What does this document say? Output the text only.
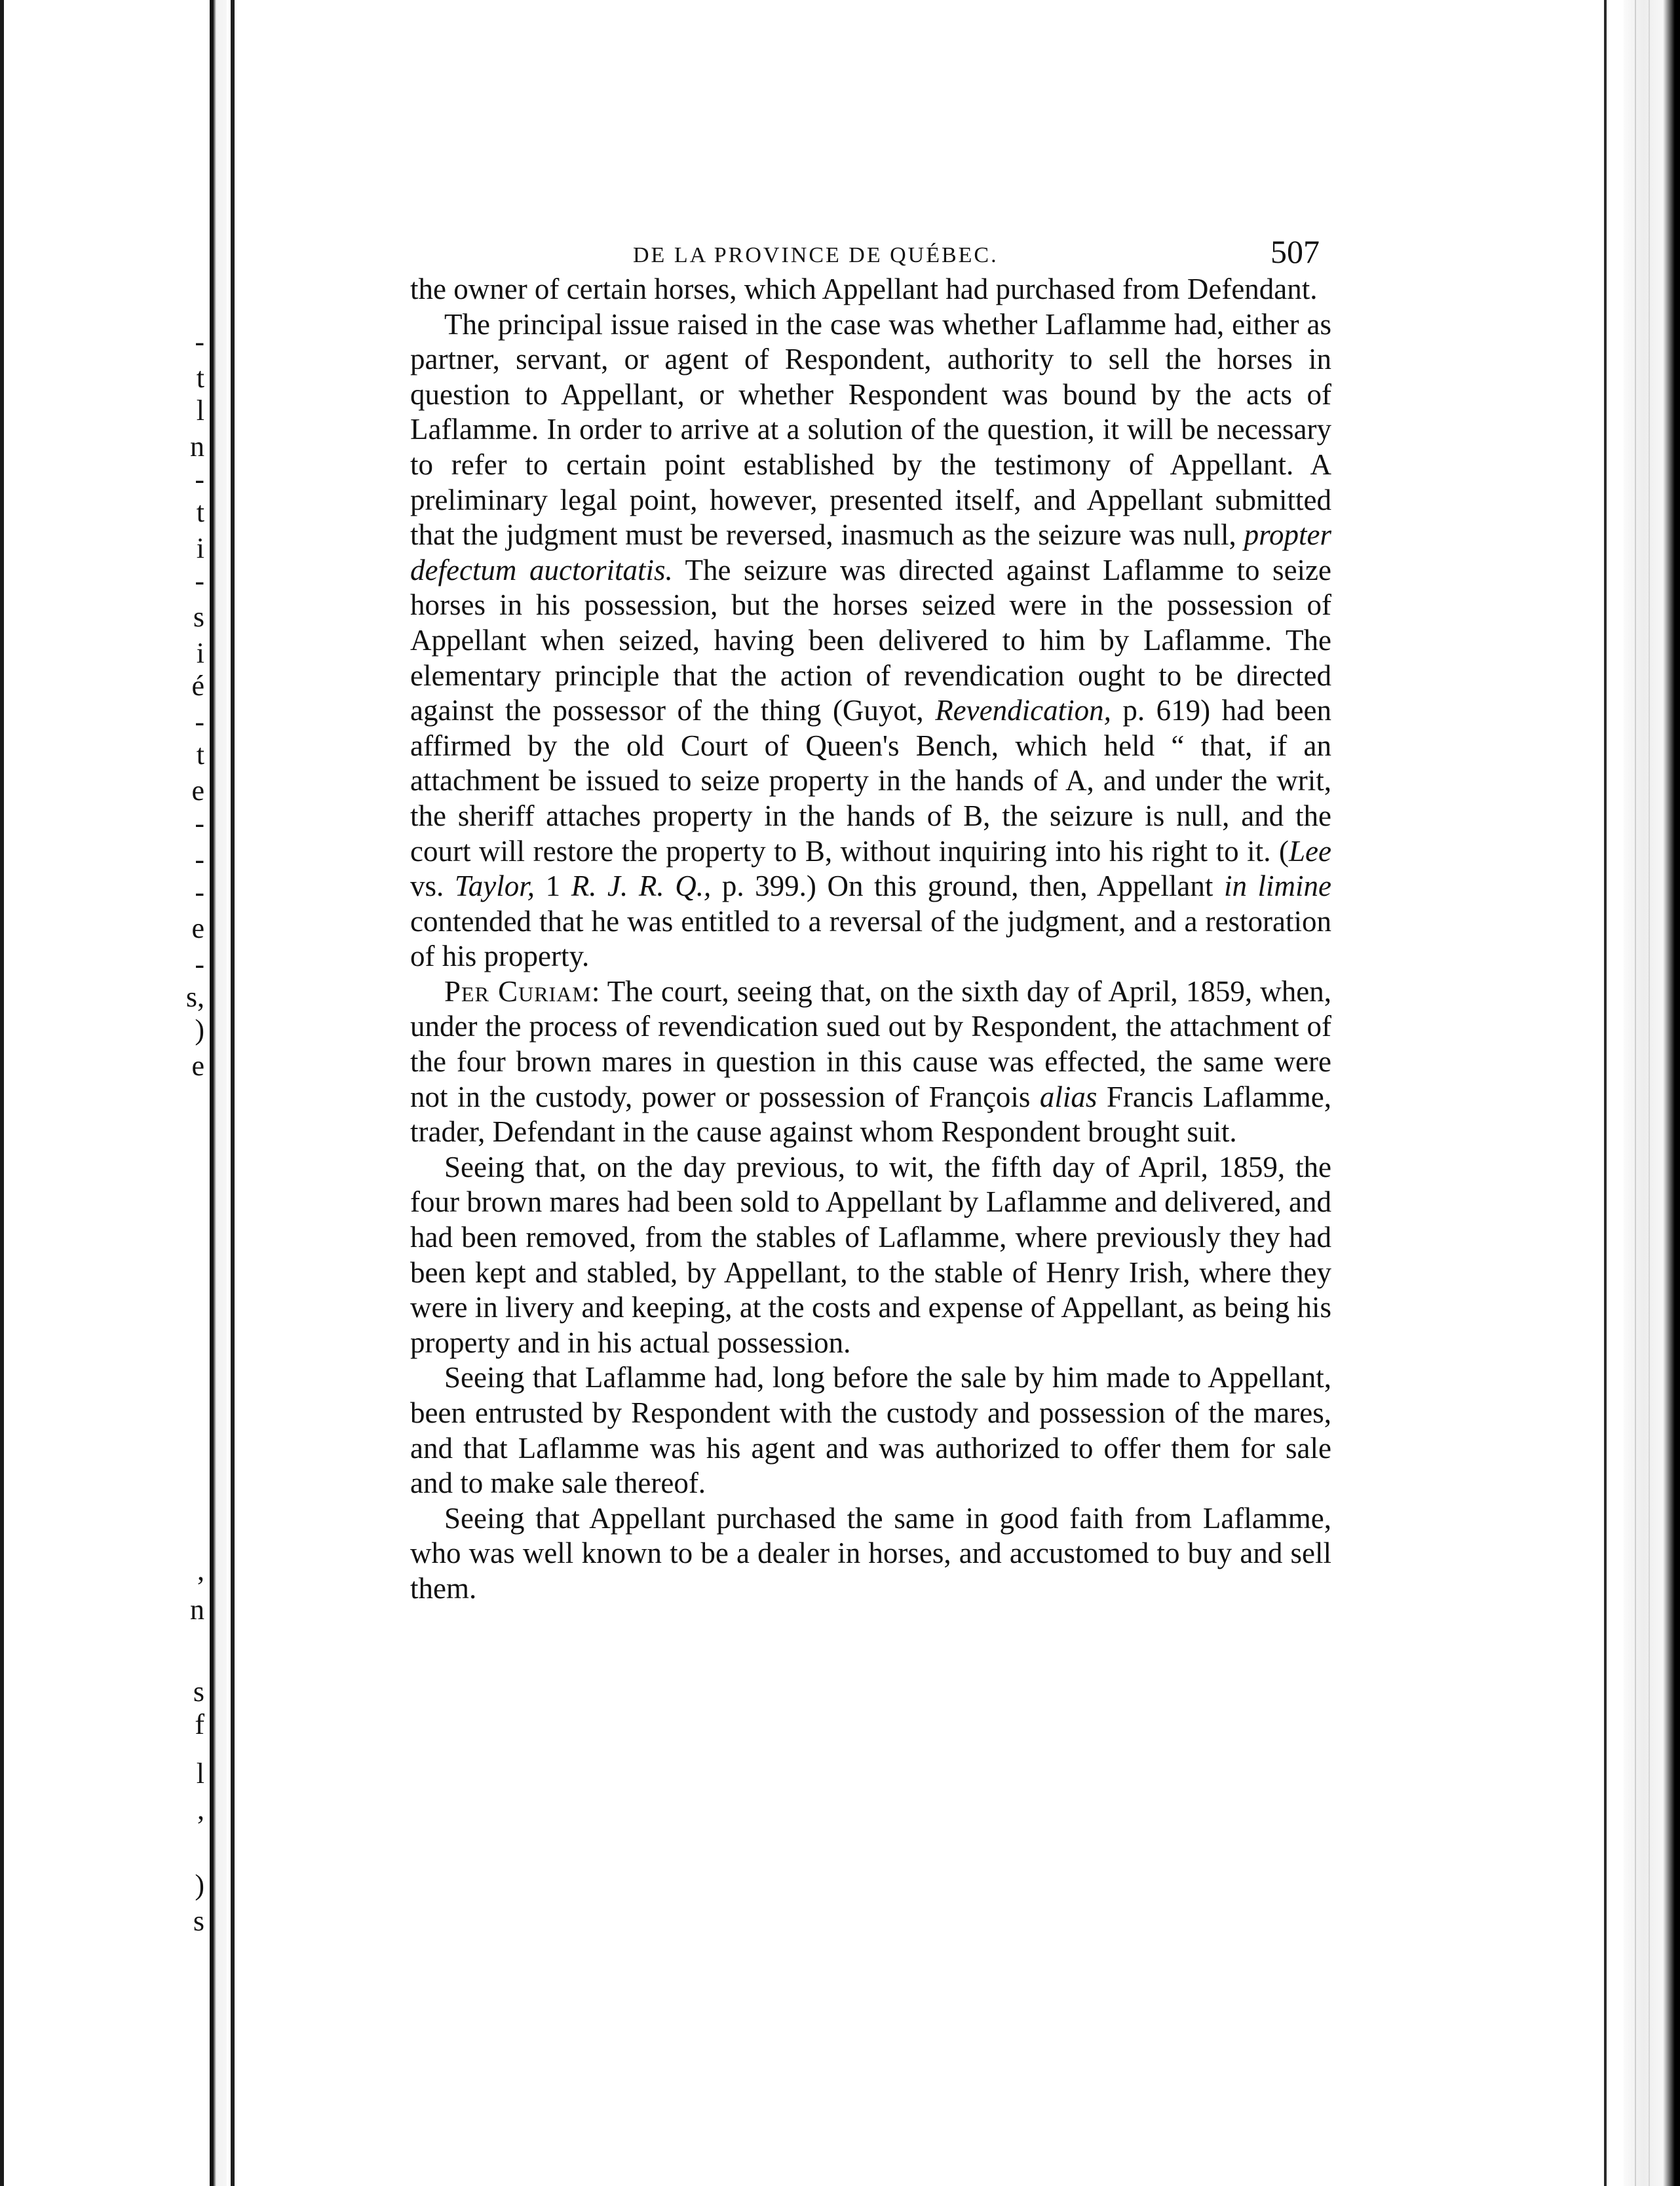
-
t
l
n
-
t
i
-
s
i
é
-
t
e
-
-
-
e
-
s,
)
e
,
n
s
f
l
,
)
s
DE LA PROVINCE DE QUÉBEC.	507

the owner of certain horses, which Appellant had purchased from Defendant.

The principal issue raised in the case was whether Laflamme had, either as partner, servant, or agent of Respondent, authority to sell the horses in question to Appellant, or whether Respondent was bound by the acts of Laflamme. In order to arrive at a solution of the question, it will be necessary to refer to certain point established by the testimony of Appellant. A preliminary legal point, however, presented itself, and Appellant submitted that the judgment must be reversed, inasmuch as the seizure was null, propter defectum auctoritatis. The seizure was directed against Laflamme to seize horses in his possession, but the horses seized were in the possession of Appellant when seized, having been delivered to him by Laflamme. The elementary principle that the action of revendication ought to be directed against the possessor of the thing (Guyot, Revendication, p. 619) had been affirmed by the old Court of Queen's Bench, which held “ that, if an attachment be issued to seize property in the hands of A, and under the writ, the sheriff attaches property in the hands of B, the seizure is null, and the court will restore the property to B, without inquiring into his right to it. (Lee vs. Taylor, 1 R. J. R. Q., p. 399.) On this ground, then, Appellant in limine contended that he was entitled to a reversal of the judgment, and a restoration of his property.

Per Curiam: The court, seeing that, on the sixth day of April, 1859, when, under the process of revendication sued out by Respondent, the attachment of the four brown mares in question in this cause was effected, the same were not in the custody, power or possession of François alias Francis Laflamme, trader, Defendant in the cause against whom Respondent brought suit.

Seeing that, on the day previous, to wit, the fifth day of April, 1859, the four brown mares had been sold to Appellant by Laflamme and delivered, and had been removed, from the stables of Laflamme, where previously they had been kept and stabled, by Appellant, to the stable of Henry Irish, where they were in livery and keeping, at the costs and expense of Appellant, as being his property and in his actual possession.

Seeing that Laflamme had, long before the sale by him made to Appellant, been entrusted by Respondent with the custody and possession of the mares, and that Laflamme was his agent and was authorized to offer them for sale and to make sale thereof.

Seeing that Appellant purchased the same in good faith from Laflamme, who was well known to be a dealer in horses, and accustomed to buy and sell them.
